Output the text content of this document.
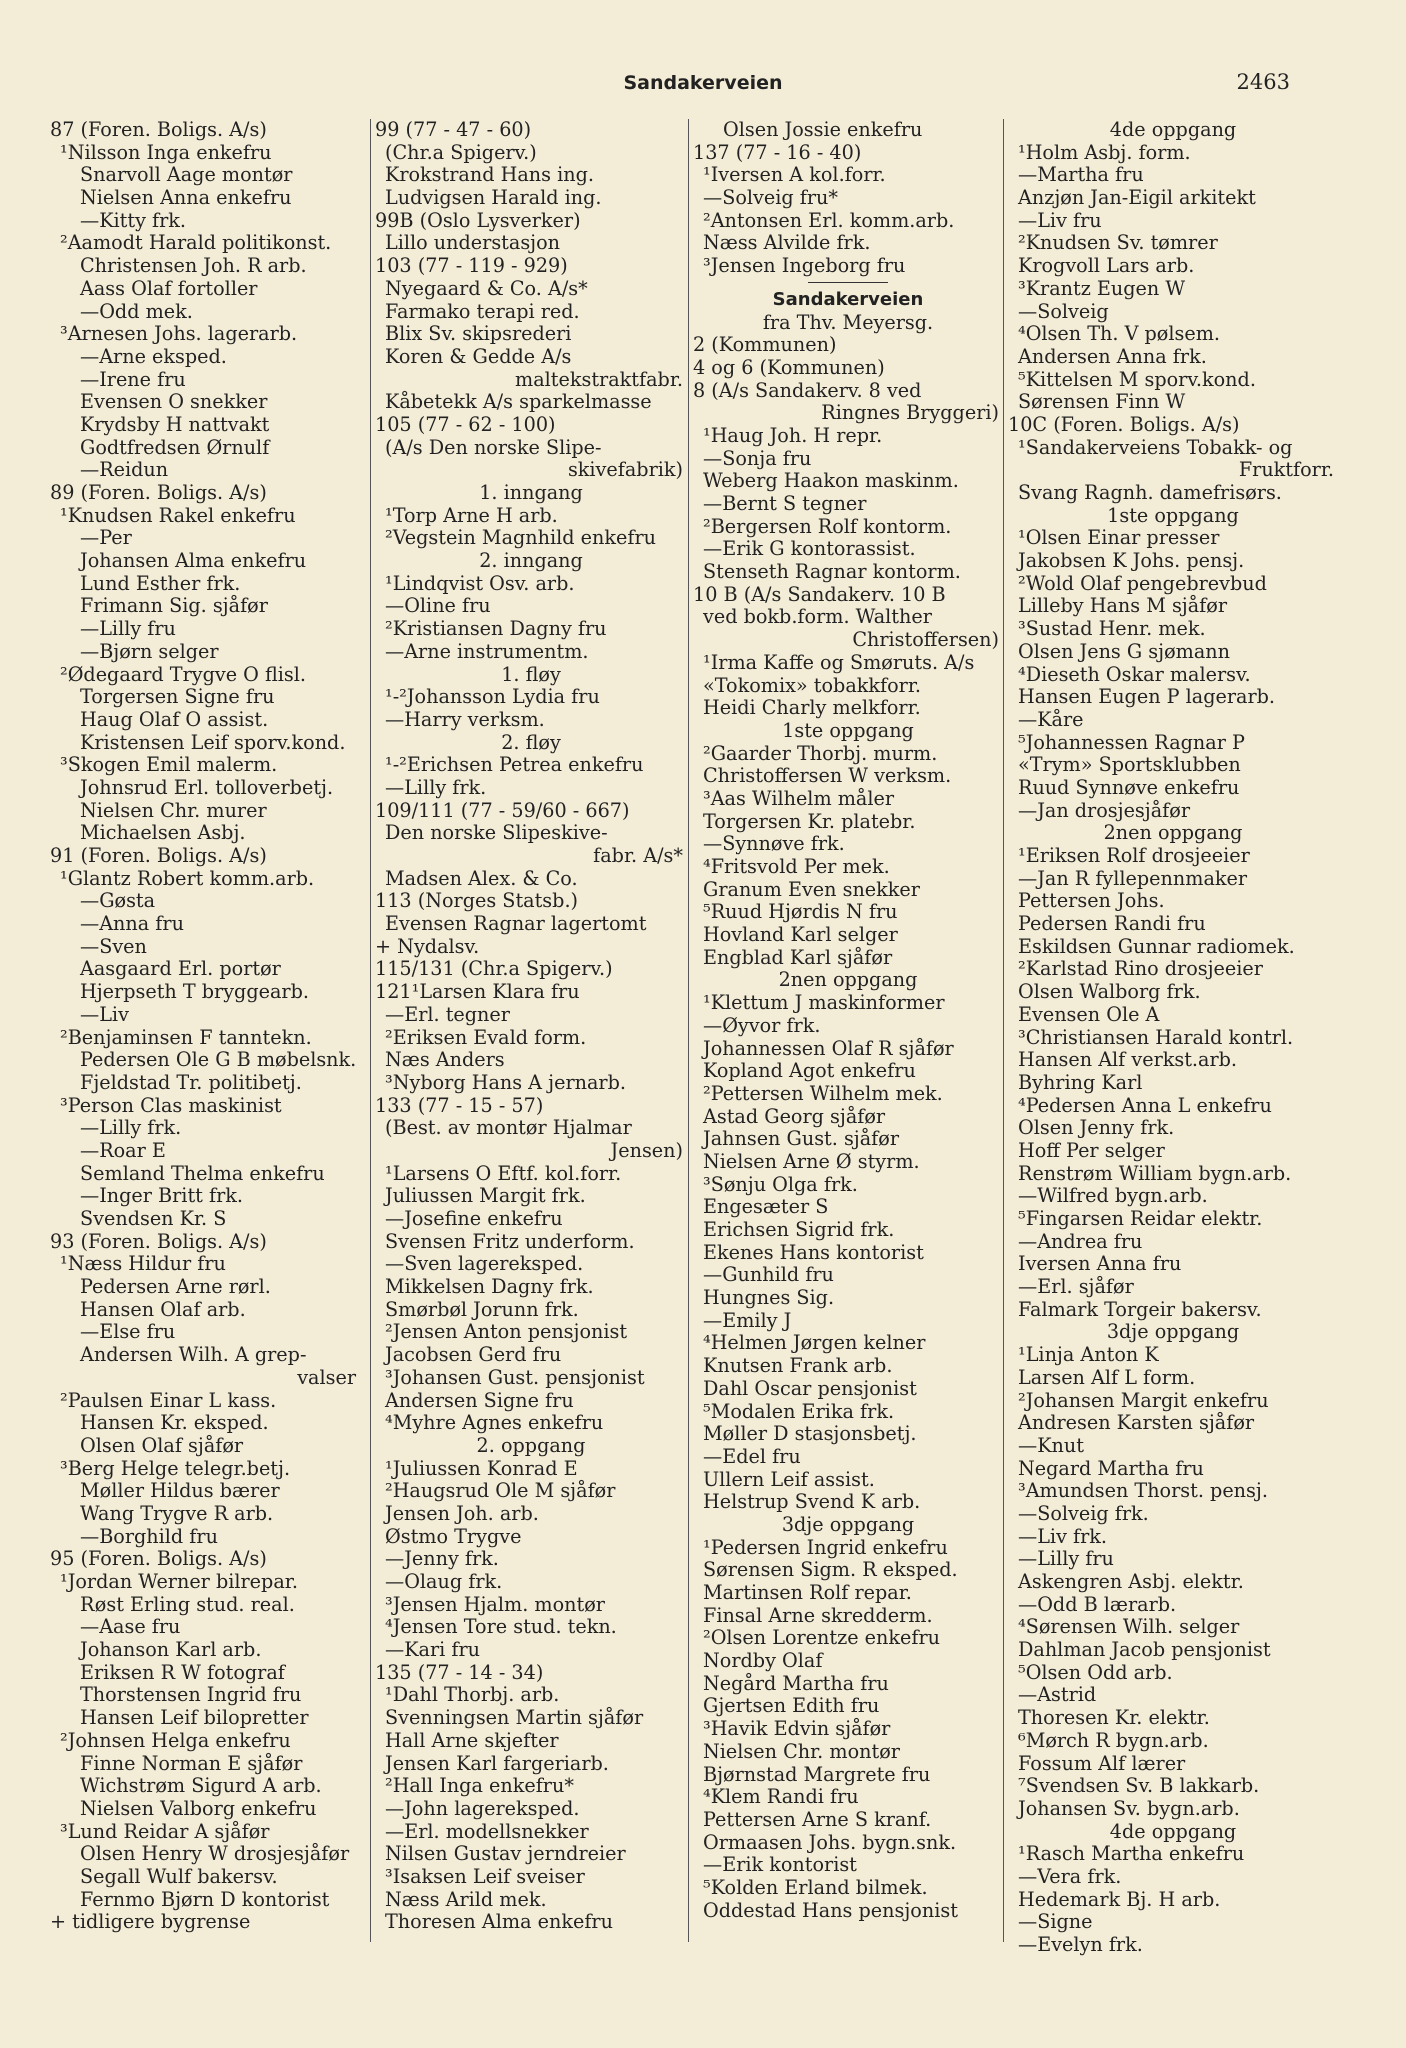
Sandakerveien	2463
87 (Foren. Boligs. A/s)
¹Nilsson Inga enkefru
Snarvoll Aage montør
Nielsen Anna enkefru
—Kitty frk.
²Aamodt Harald politikonst.
Christensen Joh. R arb.
Aass Olaf fortoller
—Odd mek.
³Arnesen Johs. lagerarb.
—Arne eksped.
—Irene fru
Evensen O snekker
Krydsby H nattvakt
Godtfredsen Ørnulf
—Reidun
89 (Foren. Boligs. A/s)
¹Knudsen Rakel enkefru
—Per
Johansen Alma enkefru
Lund Esther frk.
Frimann Sig. sjåfør
—Lilly fru
—Bjørn selger
²Ødegaard Trygve O flisl.
Torgersen Signe fru
Haug Olaf O assist.
Kristensen Leif sporv.kond.
³Skogen Emil malerm.
Johnsrud Erl. tolloverbetj.
Nielsen Chr. murer
Michaelsen Asbj.
91 (Foren. Boligs. A/s)
¹Glantz Robert komm.arb.
—Gøsta
—Anna fru
—Sven
Aasgaard Erl. portør
Hjerpseth T bryggearb.
—Liv
²Benjaminsen F tanntekn.
Pedersen Ole G B møbelsnk.
Fjeldstad Tr. politibetj.
³Person Clas maskinist
—Lilly frk.
—Roar E
Semland Thelma enkefru
—Inger Britt frk.
Svendsen Kr. S
93 (Foren. Boligs. A/s)
¹Næss Hildur fru
Pedersen Arne rørl.
Hansen Olaf arb.
—Else fru
Andersen Wilh. A grep-
valser
²Paulsen Einar L kass.
Hansen Kr. eksped.
Olsen Olaf sjåfør
³Berg Helge telegr.betj.
Møller Hildus bærer
Wang Trygve R arb.
—Borghild fru
95 (Foren. Boligs. A/s)
¹Jordan Werner bilrepar.
Røst Erling stud. real.
—Aase fru
Johanson Karl arb.
Eriksen R W fotograf
Thorstensen Ingrid fru
Hansen Leif bilopretter
²Johnsen Helga enkefru
Finne Norman E sjåfør
Wichstrøm Sigurd A arb.
Nielsen Valborg enkefru
³Lund Reidar A sjåfør
Olsen Henry W drosjesjåfør
Segall Wulf bakersv.
Fernmo Bjørn D kontorist
+ tidligere bygrense
99 (77 - 47 - 60)
(Chr.a Spigerv.)
Krokstrand Hans ing.
Ludvigsen Harald ing.
99B (Oslo Lysverker)
Lillo understasjon
103 (77 - 119 - 929)
Nyegaard & Co. A/s*
Farmako terapi red.
Blix Sv. skipsrederi
Koren & Gedde A/s
maltekstraktfabr.
Kåbetekk A/s sparkelmasse
105 (77 - 62 - 100)
(A/s Den norske Slipe-
skivefabrik)
1. inngang
¹Torp Arne H arb.
²Vegstein Magnhild enkefru
2. inngang
¹Lindqvist Osv. arb.
—Oline fru
²Kristiansen Dagny fru
—Arne instrumentm.
1. fløy
¹-²Johansson Lydia fru
—Harry verksm.
2. fløy
¹-²Erichsen Petrea enkefru
—Lilly frk.
109/111 (77 - 59/60 - 667)
Den norske Slipeskive-
fabr. A/s*
Madsen Alex. & Co.
113 (Norges Statsb.)
Evensen Ragnar lagertomt
+ Nydalsv.
115/131 (Chr.a Spigerv.)
121¹Larsen Klara fru
—Erl. tegner
²Eriksen Evald form.
Næs Anders
³Nyborg Hans A jernarb.
133 (77 - 15 - 57)
(Best. av montør Hjalmar
Jensen)
¹Larsens O Eftf. kol.forr.
Juliussen Margit frk.
—Josefine enkefru
Svensen Fritz underform.
—Sven lagereksped.
Mikkelsen Dagny frk.
Smørbøl Jorunn frk.
²Jensen Anton pensjonist
Jacobsen Gerd fru
³Johansen Gust. pensjonist
Andersen Signe fru
⁴Myhre Agnes enkefru
2. oppgang
¹Juliussen Konrad E
²Haugsrud Ole M sjåfør
Jensen Joh. arb.
Østmo Trygve
—Jenny frk.
—Olaug frk.
³Jensen Hjalm. montør
⁴Jensen Tore stud. tekn.
—Kari fru
135 (77 - 14 - 34)
¹Dahl Thorbj. arb.
Svenningsen Martin sjåfør
Hall Arne skjefter
Jensen Karl fargeriarb.
²Hall Inga enkefru*
—John lagereksped.
—Erl. modellsnekker
Nilsen Gustav jerndreier
³Isaksen Leif sveiser
Næss Arild mek.
Thoresen Alma enkefru
Olsen Jossie enkefru
137 (77 - 16 - 40)
¹Iversen A kol.forr.
—Solveig fru*
²Antonsen Erl. komm.arb.
Næss Alvilde frk.
³Jensen Ingeborg fru
Sandakerveien
fra Thv. Meyersg.
2 (Kommunen)
4 og 6 (Kommunen)
8 (A/s Sandakerv. 8 ved
Ringnes Bryggeri)
¹Haug Joh. H repr.
—Sonja fru
Weberg Haakon maskinm.
—Bernt S tegner
²Bergersen Rolf kontorm.
—Erik G kontorassist.
Stenseth Ragnar kontorm.
10 B (A/s Sandakerv. 10 B
ved bokb.form. Walther
Christoffersen)
¹Irma Kaffe og Smøruts. A/s
«Tokomix» tobakkforr.
Heidi Charly melkforr.
1ste oppgang
²Gaarder Thorbj. murm.
Christoffersen W verksm.
³Aas Wilhelm måler
Torgersen Kr. platebr.
—Synnøve frk.
⁴Fritsvold Per mek.
Granum Even snekker
⁵Ruud Hjørdis N fru
Hovland Karl selger
Engblad Karl sjåfør
2nen oppgang
¹Klettum J maskinformer
—Øyvor frk.
Johannessen Olaf R sjåfør
Kopland Agot enkefru
²Pettersen Wilhelm mek.
Astad Georg sjåfør
Jahnsen Gust. sjåfør
Nielsen Arne Ø styrm.
³Sønju Olga frk.
Engesæter S
Erichsen Sigrid frk.
Ekenes Hans kontorist
—Gunhild fru
Hungnes Sig.
—Emily J
⁴Helmen Jørgen kelner
Knutsen Frank arb.
Dahl Oscar pensjonist
⁵Modalen Erika frk.
Møller D stasjonsbetj.
—Edel fru
Ullern Leif assist.
Helstrup Svend K arb.
3dje oppgang
¹Pedersen Ingrid enkefru
Sørensen Sigm. R eksped.
Martinsen Rolf repar.
Finsal Arne skredderm.
²Olsen Lorentze enkefru
Nordby Olaf
Negård Martha fru
Gjertsen Edith fru
³Havik Edvin sjåfør
Nielsen Chr. montør
Bjørnstad Margrete fru
⁴Klem Randi fru
Pettersen Arne S kranf.
Ormaasen Johs. bygn.snk.
—Erik kontorist
⁵Kolden Erland bilmek.
Oddestad Hans pensjonist
4de oppgang
¹Holm Asbj. form.
—Martha fru
Anzjøn Jan-Eigil arkitekt
—Liv fru
²Knudsen Sv. tømrer
Krogvoll Lars arb.
³Krantz Eugen W
—Solveig
⁴Olsen Th. V pølsem.
Andersen Anna frk.
⁵Kittelsen M sporv.kond.
Sørensen Finn W
10C (Foren. Boligs. A/s)
¹Sandakerveiens Tobakk- og
Fruktforr.
Svang Ragnh. damefrisørs.
1ste oppgang
¹Olsen Einar presser
Jakobsen K Johs. pensj.
²Wold Olaf pengebrevbud
Lilleby Hans M sjåfør
³Sustad Henr. mek.
Olsen Jens G sjømann
⁴Dieseth Oskar malersv.
Hansen Eugen P lagerarb.
—Kåre
⁵Johannessen Ragnar P
«Trym» Sportsklubben
Ruud Synnøve enkefru
—Jan drosjesjåfør
2nen oppgang
¹Eriksen Rolf drosjeeier
—Jan R fyllepennmaker
Pettersen Johs.
Pedersen Randi fru
Eskildsen Gunnar radiomek.
²Karlstad Rino drosjeeier
Olsen Walborg frk.
Evensen Ole A
³Christiansen Harald kontrl.
Hansen Alf verkst.arb.
Byhring Karl
⁴Pedersen Anna L enkefru
Olsen Jenny frk.
Hoff Per selger
Renstrøm William bygn.arb.
—Wilfred bygn.arb.
⁵Fingarsen Reidar elektr.
—Andrea fru
Iversen Anna fru
—Erl. sjåfør
Falmark Torgeir bakersv.
3dje oppgang
¹Linja Anton K
Larsen Alf L form.
²Johansen Margit enkefru
Andresen Karsten sjåfør
—Knut
Negard Martha fru
³Amundsen Thorst. pensj.
—Solveig frk.
—Liv frk.
—Lilly fru
Askengren Asbj. elektr.
—Odd B lærarb.
⁴Sørensen Wilh. selger
Dahlman Jacob pensjonist
⁵Olsen Odd arb.
—Astrid
Thoresen Kr. elektr.
⁶Mørch R bygn.arb.
Fossum Alf lærer
⁷Svendsen Sv. B lakkarb.
Johansen Sv. bygn.arb.
4de oppgang
¹Rasch Martha enkefru
—Vera frk.
Hedemark Bj. H arb.
—Signe
—Evelyn frk.
